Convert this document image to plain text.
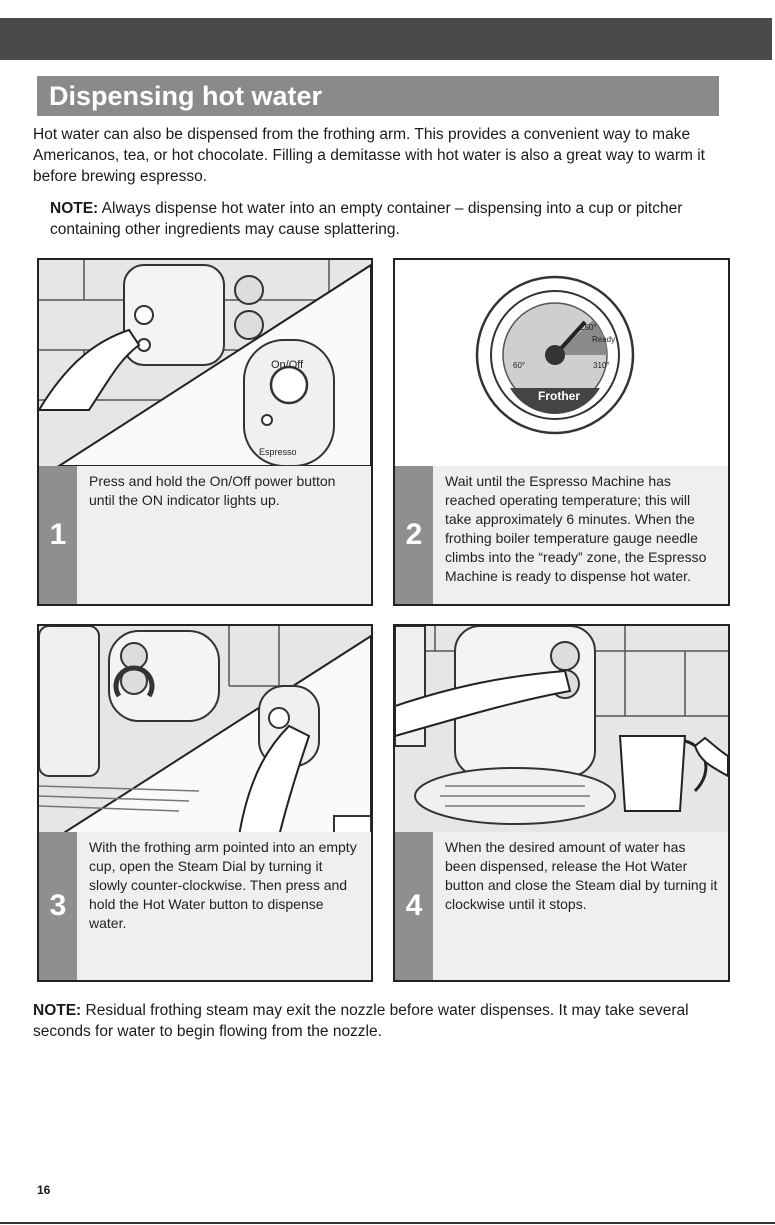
Dispensing hot water

Hot water can also be dispensed from the frothing arm. This provides a convenient way to make Americanos, tea, or hot chocolate. Filling a demitasse with hot water is also a great way to warm it before brewing espresso.

NOTE: Always dispense hot water into an empty container – dispensing into a cup or pitcher containing other ingredients may cause splattering.

On/Off
Espresso
1
Press and hold the On/Off power button until the ON indicator lights up.
250°
Ready
60°	310°
Frother
2
Wait until the Espresso Machine has reached operating temperature; this will take approximately 6 minutes. When the frothing boiler temperature gauge needle climbs into the “ready” zone, the Espresso Machine is ready to dispense hot water.
3
With the frothing arm pointed into an empty cup, open the Steam Dial by turning it slowly counter-clockwise. Then press and hold the Hot Water button to dispense water.
4
When the desired amount of water has been dispensed, release the Hot Water button and close the Steam dial by turning it clockwise until it stops.

NOTE: Residual frothing steam may exit the nozzle before water dispenses. It may take several seconds for water to begin flowing from the nozzle.

16
